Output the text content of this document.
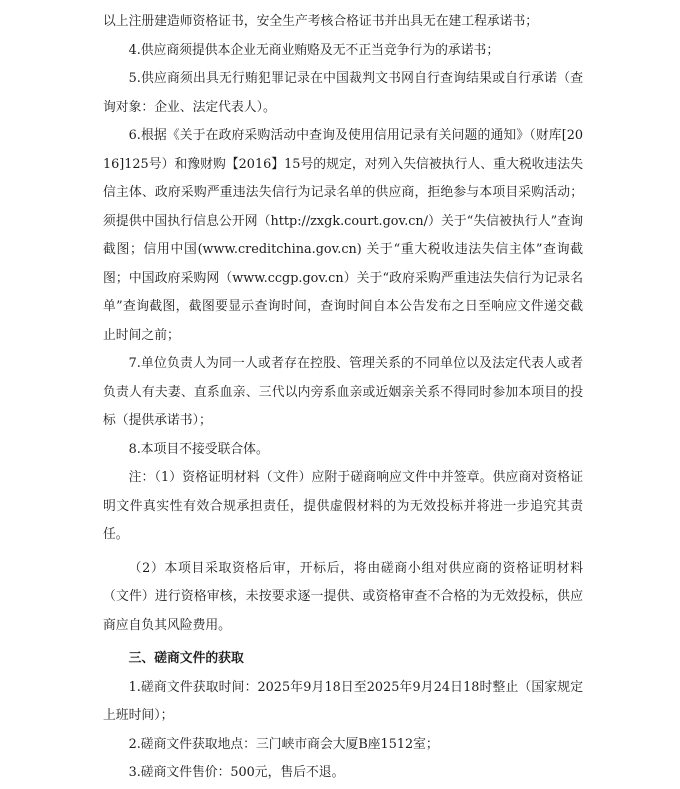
以上注册建造师资格证书，安全生产考核合格证书并出具无在建工程承诺书；

4.供应商须提供本企业无商业贿赂及无不正当竞争行为的承诺书；

5.供应商须出具无行贿犯罪记录在中国裁判文书网自行查询结果或自行承诺（查询对象：企业、法定代表人）。

6.根据《关于在政府采购活动中查询及使用信用记录有关问题的通知》（财库[2016]125号）和豫财购【2016】15号的规定，对列入失信被执行人、重大税收违法失信主体、政府采购严重违法失信行为记录名单的供应商，拒绝参与本项目采购活动；须提供中国执行信息公开网（http://zxgk.court.gov.cn/）关于“失信被执行人”查询截图；信用中国(www.creditchina.gov.cn) 关于“重大税收违法失信主体”查询截图；中国政府采购网（www.ccgp.gov.cn）关于“政府采购严重违法失信行为记录名单”查询截图，截图要显示查询时间，查询时间自本公告发布之日至响应文件递交截止时间之前；

7.单位负责人为同一人或者存在控股、管理关系的不同单位以及法定代表人或者负责人有夫妻、直系血亲、三代以内旁系血亲或近姻亲关系不得同时参加本项目的投标（提供承诺书）；

8.本项目不接受联合体。

注：（1）资格证明材料（文件）应附于磋商响应文件中并签章。供应商对资格证明文件真实性有效合规承担责任，提供虚假材料的为无效投标并将进一步追究其责任。

（2）本项目采取资格后审，开标后，将由磋商小组对供应商的资格证明材料（文件）进行资格审核，未按要求逐一提供、或资格审查不合格的为无效投标，供应商应自负其风险费用。

三、磋商文件的获取

1.磋商文件获取时间：2025年9月18日至2025年9月24日18时整止（国家规定上班时间）；

2.磋商文件获取地点：三门峡市商会大厦B座1512室；

3.磋商文件售价：500元，售后不退。
